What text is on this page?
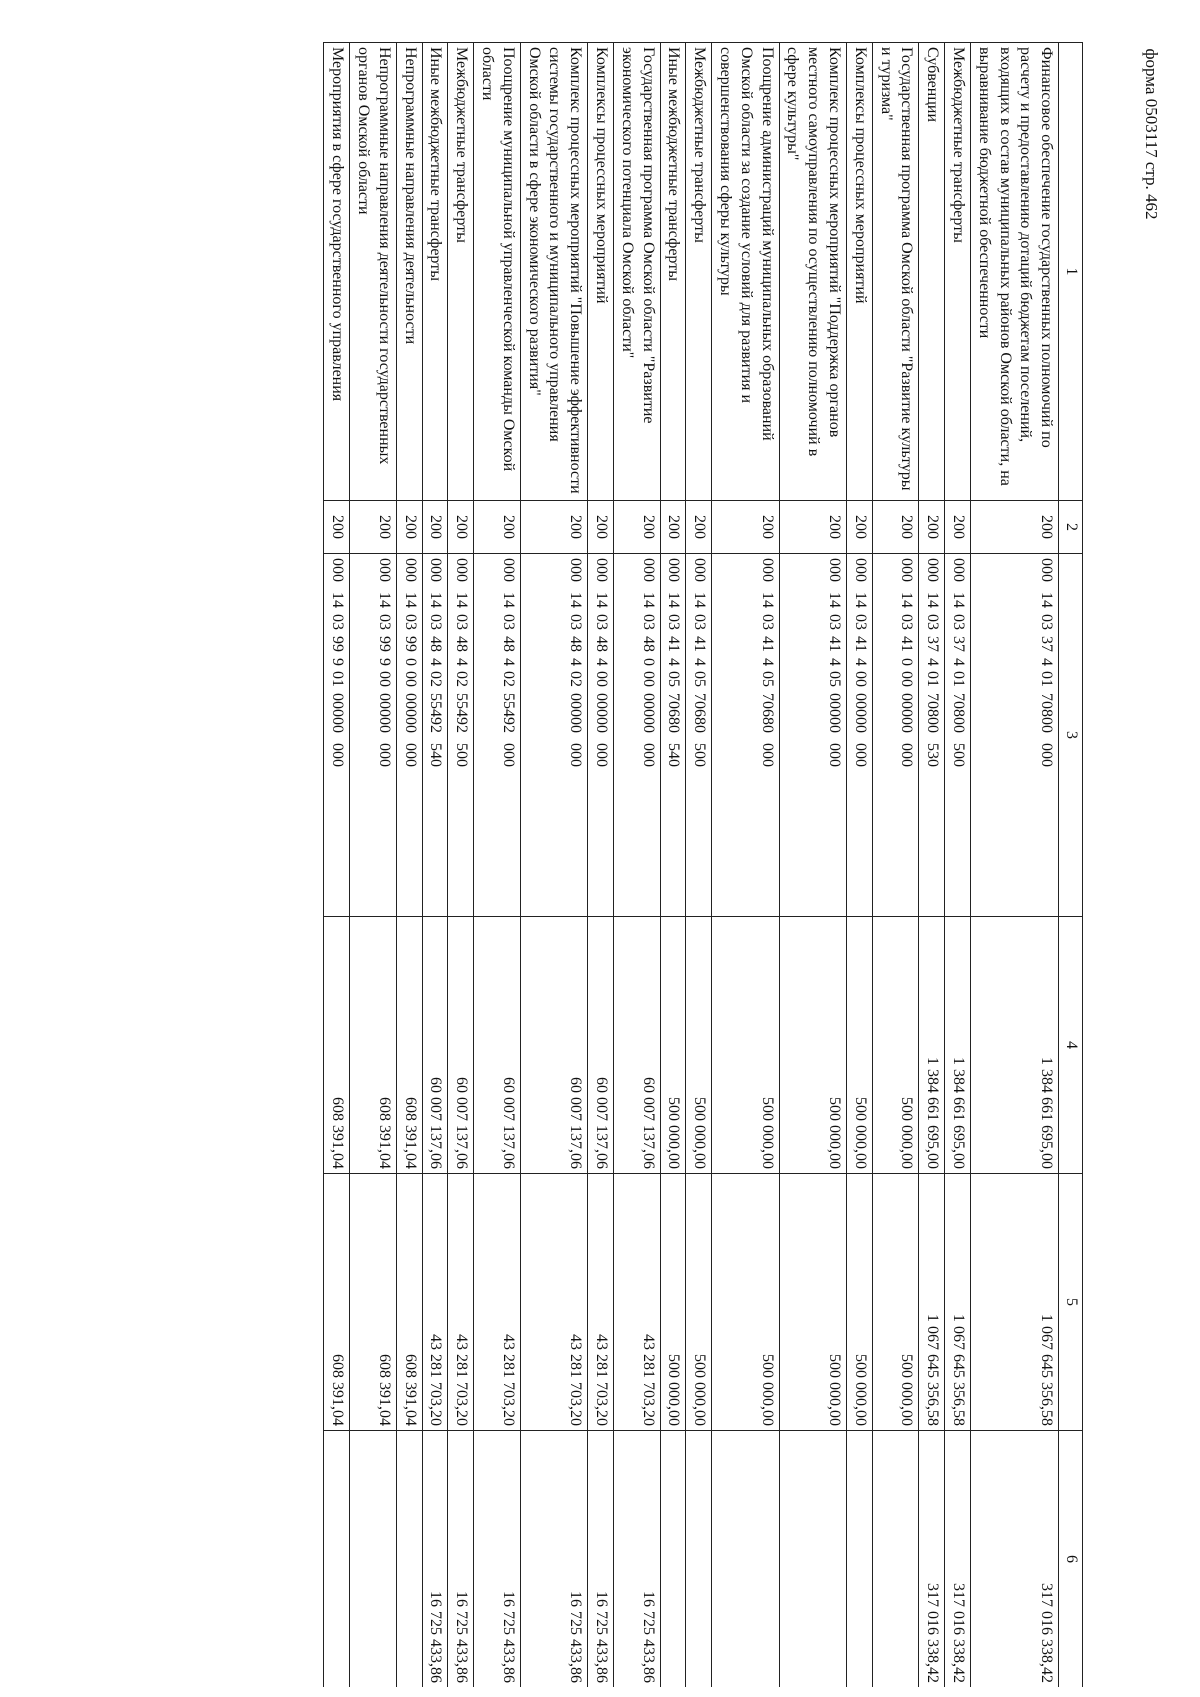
форма 0503117 стр. 462
1	2	3	4	5	6
Финансовое обеспечение государственных полномочий по расчету и предоставлению дотаций бюджетам поселений, входящих в состав муниципальных районов Омской области, на выравнивание бюджетной обеспеченности	200	00014033740170800000	1 384 661 695,00	1 067 645 356,58	317 016 338,42
Межбюджетные трансферты	200	00014033740170800500	1 384 661 695,00	1 067 645 356,58	317 016 338,42
Субвенции	200	00014033740170800530	1 384 661 695,00	1 067 645 356,58	317 016 338,42
Государственная программа Омской области "Развитие культуры и туризма"	200	00014034100000000000	500 000,00	500 000,00	
Комплексы процессных мероприятий	200	00014034140000000000	500 000,00	500 000,00	
Комплекс процессных мероприятий "Поддержка органов местного самоуправления по осуществлению полномочий в сфере культуры"	200	00014034140500000000	500 000,00	500 000,00	
Поощрение администраций муниципальных образований Омской области за создание условий для развития и совершенствования сферы культуры	200	00014034140570680000	500 000,00	500 000,00	
Межбюджетные трансферты	200	00014034140570680500	500 000,00	500 000,00	
Иные межбюджетные трансферты	200	00014034140570680540	500 000,00	500 000,00	
Государственная программа Омской области "Развитие экономического потенциала Омской области"	200	00014034800000000000	60 007 137,06	43 281 703,20	16 725 433,86
Комплексы процессных мероприятий	200	00014034840000000000	60 007 137,06	43 281 703,20	16 725 433,86
Комплекс процессных мероприятий "Повышение эффективности системы государственного и муниципального управления Омской области в сфере экономического развития"	200	00014034840200000000	60 007 137,06	43 281 703,20	16 725 433,86
Поощрение муниципальной управленческой команды Омской области	200	00014034840255492000	60 007 137,06	43 281 703,20	16 725 433,86
Межбюджетные трансферты	200	00014034840255492500	60 007 137,06	43 281 703,20	16 725 433,86
Иные межбюджетные трансферты	200	00014034840255492540	60 007 137,06	43 281 703,20	16 725 433,86
Непрограммные направления деятельности	200	00014039900000000000	608 391,04	608 391,04	
Непрограммные направления деятельности государственных органов Омской области	200	00014039990000000000	608 391,04	608 391,04	
Мероприятия в сфере государственного управления	200	00014039990100000000	608 391,04	608 391,04	
